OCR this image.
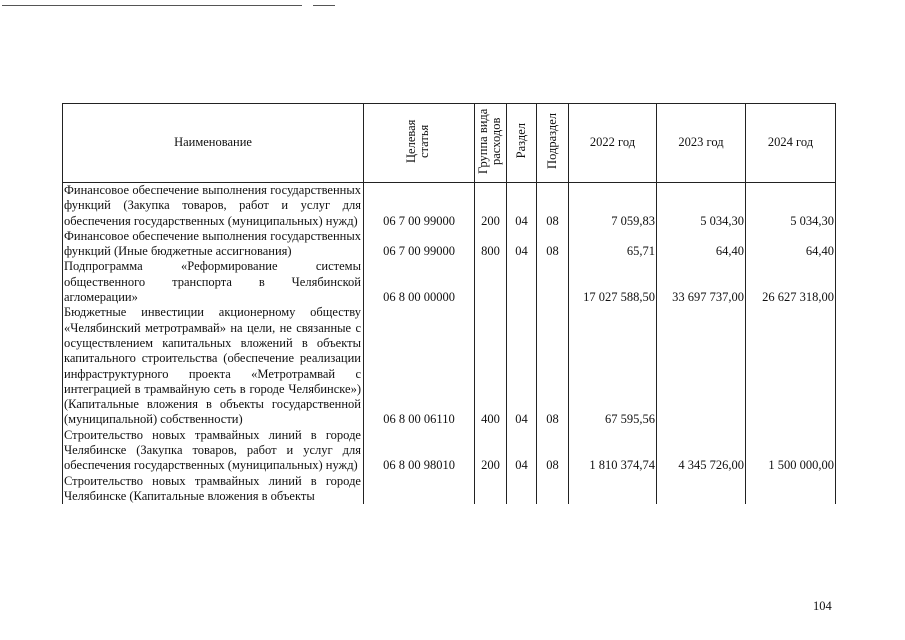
Наименование	Целевая статья	Группа вида расходов	Раздел	Подраздел	2022 год	2023 год	2024 год
Финансовое обеспечение выполнения государственных функций (Закупка товаров, работ и услуг для обеспечения государственных (муниципальных) нужд)	06 7 00 99000	200	04	08	7 059,83	5 034,30	5 034,30
Финансовое обеспечение выполнения государственных функций (Иные бюджетные ассигнования)	06 7 00 99000	800	04	08	65,71	64,40	64,40
Подпрограмма «Реформирование системы общественного транспорта в Челябинской агломерации»	06 8 00 00000				17 027 588,50	33 697 737,00	26 627 318,00
Бюджетные инвестиции акционерному обществу «Челябинский метротрамвай» на цели, не связанные с осуществлением капитальных вложений в объекты капитального строительства (обеспечение реализации инфраструктурного проекта «Метротрамвай с интеграцией в трамвайную сеть в городе Челябинске») (Капитальные вложения в объекты государственной (муниципальной) собственности)	06 8 00 06110	400	04	08	67 595,56		
Строительство новых трамвайных линий в городе Челябинске (Закупка товаров, работ и услуг для обеспечения государственных (муниципальных) нужд)	06 8 00 98010	200	04	08	1 810 374,74	4 345 726,00	1 500 000,00
Строительство новых трамвайных линий в городе Челябинске (Капитальные вложения в объекты							
104
